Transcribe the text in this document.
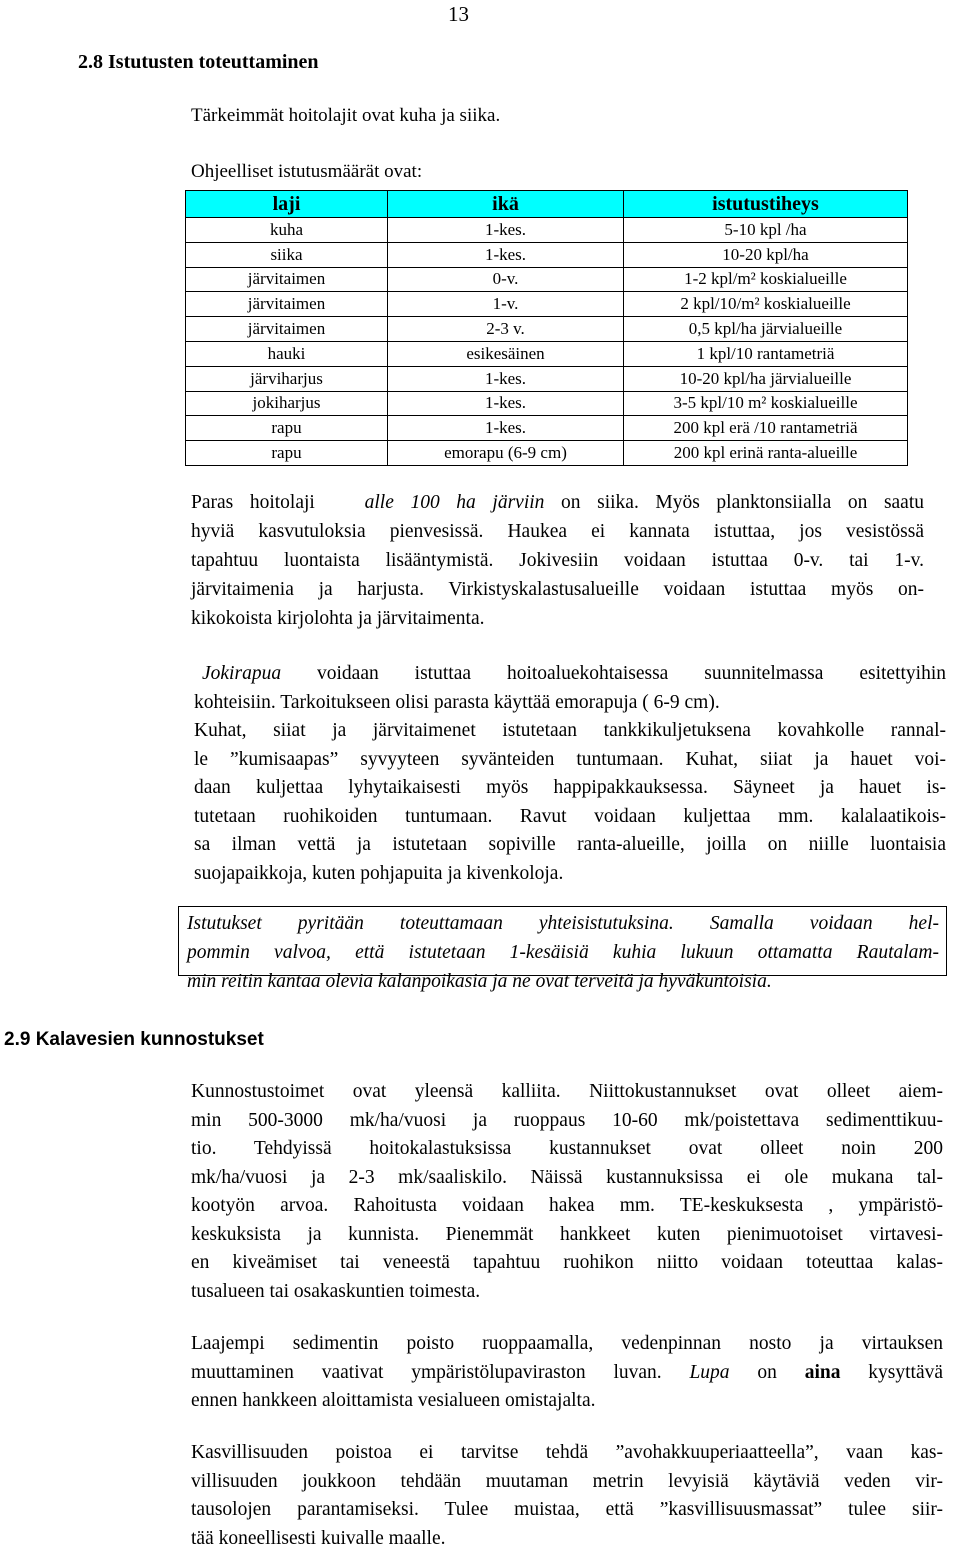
13
2.8 Istutusten toteuttaminen
Tärkeimmät hoitolajit ovat kuha ja siika.
Ohjeelliset istutusmäärät ovat:
laji	ikä	istutustiheys
kuha	1-kes.	5-10 kpl /ha
siika	1-kes.	10-20 kpl/ha
järvitaimen	0-v.	1-2 kpl/m² koskialueille
järvitaimen	1-v.	2 kpl/10/m² koskialueille
järvitaimen	2-3 v.	0,5 kpl/ha järvialueille
hauki	esikesäinen	1 kpl/10 rantametriä
järviharjus	1-kes.	10-20 kpl/ha järvialueille
jokiharjus	1-kes.	3-5 kpl/10 m² koskialueille
rapu	1-kes.	200 kpl erä /10 rantametriä
rapu	emorapu (6-9 cm)	200 kpl erinä ranta-alueille
Paras hoitolaji	alle 100 ha järviin on siika. Myös planktonsiialla on saatu
hyviä kasvutuloksia pienvesissä. Haukea ei kannata istuttaa, jos vesistössä
tapahtuu luontaista lisääntymistä. Jokivesiin voidaan istuttaa 0-v. tai 1-v.
järvitaimenia ja harjusta. Virkistyskalastusalueille voidaan istuttaa myös on-
kikokoista kirjolohta ja järvitaimenta.
Jokirapua voidaan istuttaa hoitoaluekohtaisessa suunnitelmassa esitettyihin
kohteisiin. Tarkoitukseen olisi parasta käyttää emorapuja ( 6-9 cm).
Kuhat, siiat ja järvitaimenet istutetaan tankkikuljetuksena kovahkolle rannal-
le ”kumisaapas” syvyyteen syvänteiden tuntumaan. Kuhat, siiat ja hauet voi-
daan kuljettaa lyhytaikaisesti myös happipakkauksessa. Säyneet ja hauet is-
tutetaan ruohikoiden tuntumaan. Ravut voidaan kuljettaa mm. kalalaatikois-
sa ilman vettä ja istutetaan sopiville ranta-alueille, joilla on niille luontaisia
suojapaikkoja, kuten pohjapuita ja kivenkoloja.
Istutukset pyritään toteuttamaan yhteisistutuksina. Samalla voidaan hel-
pommin valvoa, että istutetaan 1-kesäisiä kuhia lukuun ottamatta Rautalam-
min reitin kantaa olevia kalanpoikasia ja ne ovat terveitä ja hyväkuntoisia.
2.9 Kalavesien kunnostukset
Kunnostustoimet ovat yleensä kalliita. Niittokustannukset ovat olleet aiem-
min 500-3000 mk/ha/vuosi ja ruoppaus 10-60 mk/poistettava sedimenttikuu-
tio. Tehdyissä hoitokalastuksissa kustannukset ovat olleet noin 200
mk/ha/vuosi ja 2-3 mk/saaliskilo. Näissä kustannuksissa ei ole mukana tal-
kootyön arvoa. Rahoitusta voidaan hakea mm. TE-keskuksesta , ympäristö-
keskuksista ja kunnista. Pienemmät hankkeet kuten pienimuotoiset virtavesi-
en kiveämiset tai veneestä tapahtuu ruohikon niitto voidaan toteuttaa kalas-
tusalueen tai osakaskuntien toimesta.
Laajempi sedimentin poisto ruoppaamalla, vedenpinnan nosto ja virtauksen
muuttaminen vaativat ympäristölupaviraston luvan. Lupa on aina kysyttävä
ennen hankkeen aloittamista vesialueen omistajalta.
Kasvillisuuden poistoa ei tarvitse tehdä ”avohakkuuperiaatteella”, vaan kas-
villisuuden joukkoon tehdään muutaman metrin levyisiä käytäviä veden vir-
tausolojen parantamiseksi. Tulee muistaa, että ”kasvillisuusmassat” tulee siir-
tää koneellisesti kuivalle maalle.
